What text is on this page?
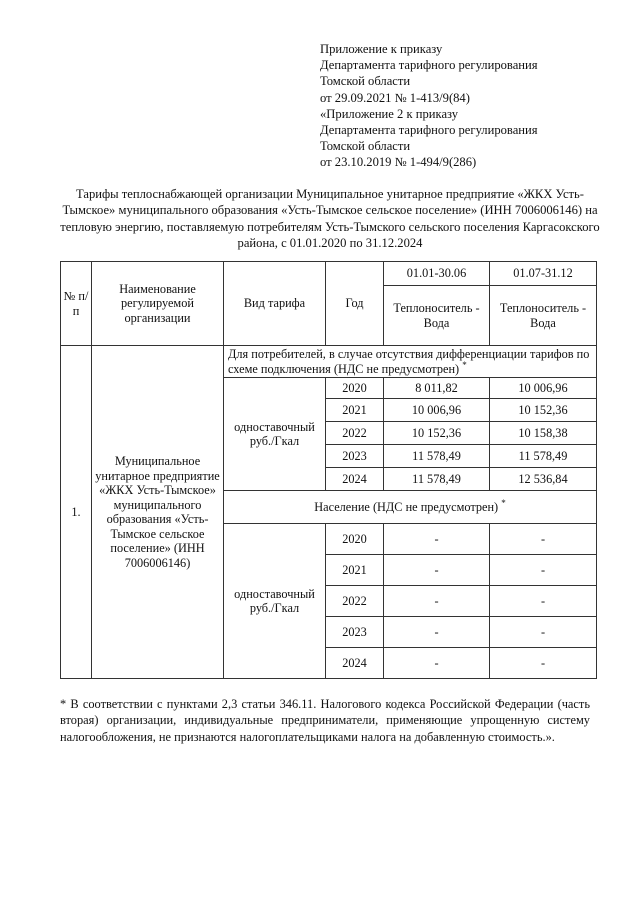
Приложение к приказу
Департамента тарифного регулирования
Томской области
от 29.09.2021 № 1-413/9(84)
«Приложение 2 к приказу
Департамента тарифного регулирования
Томской области
от 23.10.2019 № 1-494/9(286)
Тарифы теплоснабжающей организации Муниципальное унитарное предприятие «ЖКХ Усть-Тымское» муниципального образования «Усть-Тымское сельское поселение» (ИНН 7006006146) на тепловую энергию, поставляемую потребителям Усть-Тымского сельского поселения Каргасокского района, с 01.01.2020 по 31.12.2024
№ п/п	Наименование регулируемой организации	Вид тарифа	Год	01.01-30.06	01.07-31.12
				Теплоноситель - Вода	Теплоноситель - Вода
1.	Муниципальное унитарное предприятие «ЖКХ Усть-Тымское» муниципального образования «Усть-Тымское сельское поселение» (ИНН 7006006146)	Для потребителей, в случае отсутствия дифференциации тарифов по схеме подключения (НДС не предусмотрен) *
		одноставочный руб./Гкал	2020	8 011,82	10 006,96
			2021	10 006,96	10 152,36
			2022	10 152,36	10 158,38
			2023	11 578,49	11 578,49
			2024	11 578,49	12 536,84
		Население (НДС не предусмотрен) *
		одноставочный руб./Гкал	2020	-	-
			2021	-	-
			2022	-	-
			2023	-	-
			2024	-	-
* В соответствии с пунктами 2,3 статьи 346.11. Налогового кодекса Российской Федерации (часть вторая) организации, индивидуальные предприниматели, применяющие упрощенную систему налогообложения, не признаются налогоплательщиками налога на добавленную стоимость.».
